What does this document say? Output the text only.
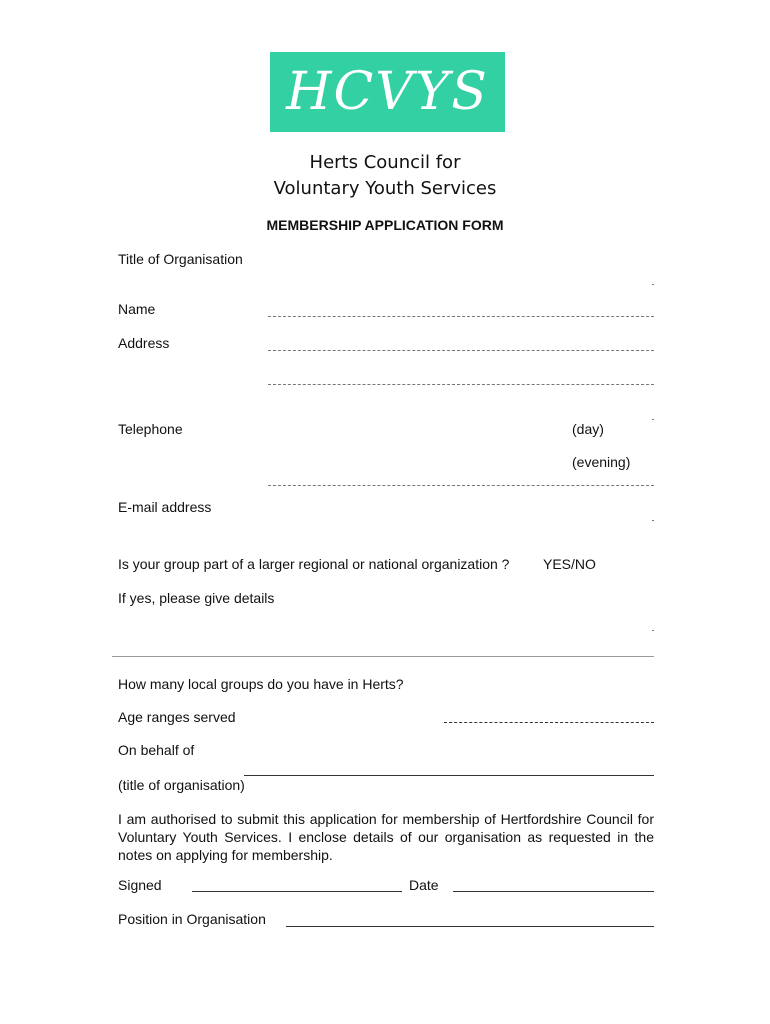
HCVYS
Herts Council for
Voluntary Youth Services
MEMBERSHIP APPLICATION FORM
Title of Organisation
Name
Address
Telephone	(day)
(evening)
E-mail address
Is your group part of a larger regional or national organization ? YES/NO
If yes, please give details
How many local groups do you have in Herts?
Age ranges served
On behalf of
(title of organisation)
I am authorised to submit this application for membership of Hertfordshire Council for Voluntary Youth Services. I enclose details of our organisation as requested in the notes on applying for membership.
Signed	Date
Position in Organisation
